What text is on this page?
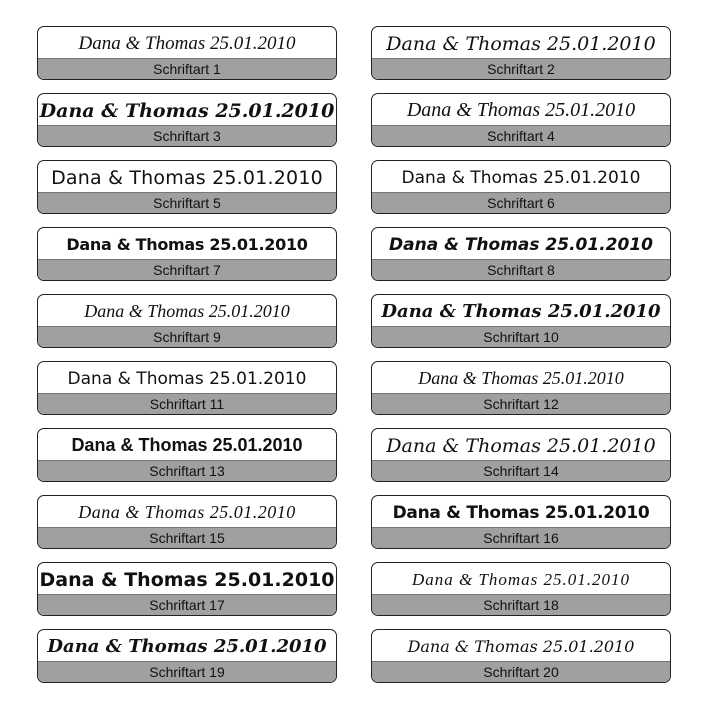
Dana & Thomas 25.01.2010
Schriftart 1
Dana & Thomas 25.01.2010
Schriftart 3
Dana & Thomas 25.01.2010
Schriftart 5
Dana & Thomas 25.01.2010
Schriftart 7
Dana & Thomas 25.01.2010
Schriftart 9
Dana & Thomas 25.01.2010
Schriftart 11
Dana & Thomas 25.01.2010
Schriftart 13
Dana & Thomas 25.01.2010
Schriftart 15
Dana & Thomas 25.01.2010
Schriftart 17
Dana & Thomas 25.01.2010
Schriftart 19
Dana & Thomas 25.01.2010
Schriftart 2
Dana & Thomas 25.01.2010
Schriftart 4
Dana & Thomas 25.01.2010
Schriftart 6
Dana & Thomas 25.01.2010
Schriftart 8
Dana & Thomas 25.01.2010
Schriftart 10
Dana & Thomas 25.01.2010
Schriftart 12
Dana & Thomas 25.01.2010
Schriftart 14
Dana & Thomas 25.01.2010
Schriftart 16
Dana & Thomas 25.01.2010
Schriftart 18
Dana & Thomas 25.01.2010
Schriftart 20
